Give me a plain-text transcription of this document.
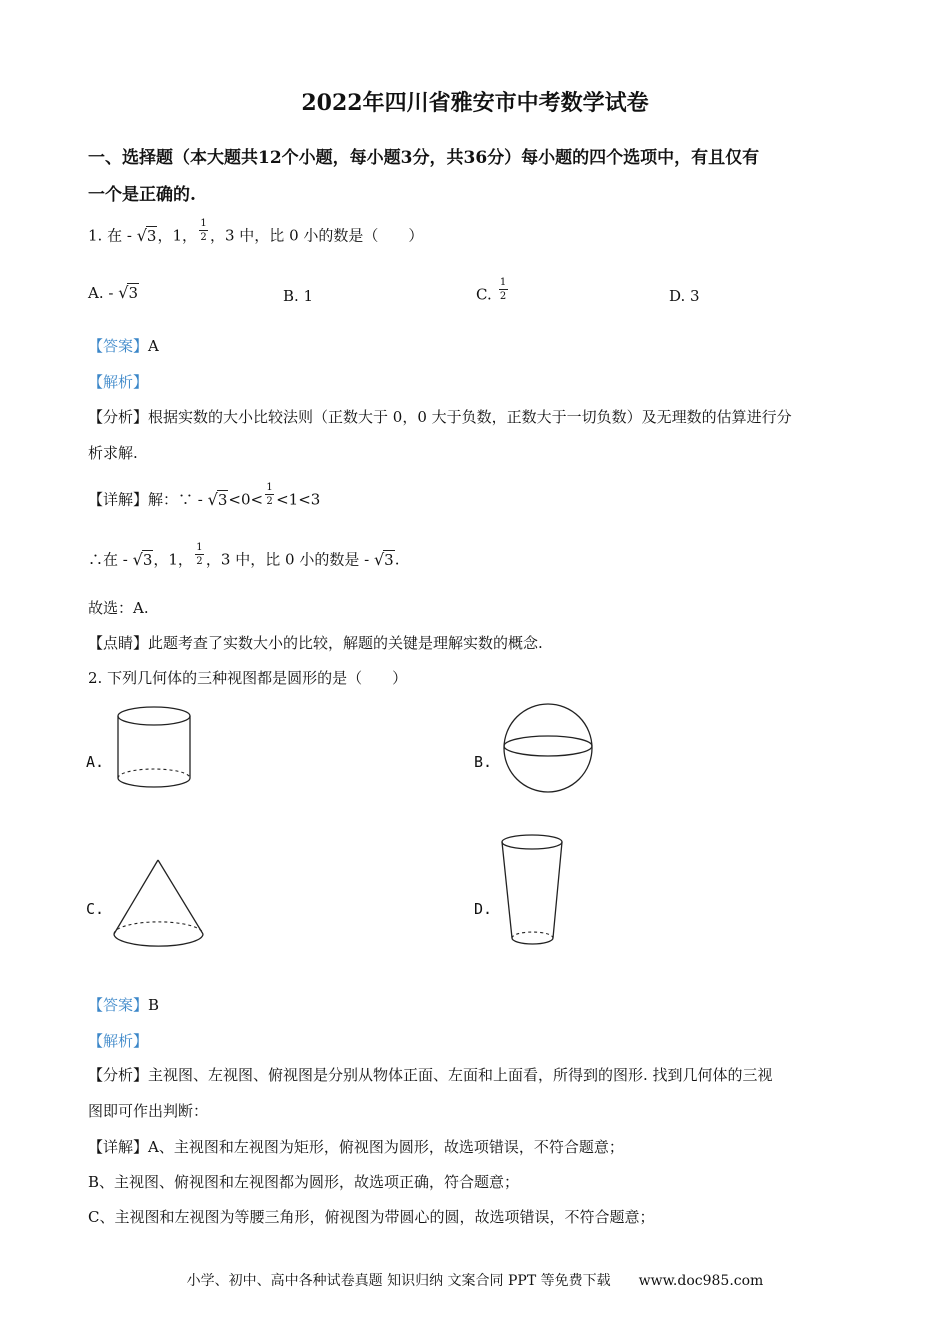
2022年四川省雅安市中考数学试卷
一、选择题（本大题共12个小题，每小题3分，共36分）每小题的四个选项中，有且仅有
一个是正确的.
1. 在 - √3，1， $\frac{1}{2}$ ，3 中，比 0 小的数是（　　）
A. - √3	B. 1	C. $\frac{1}{2}$	D. 3
【答案】A
【解析】
【分析】根据实数的大小比较法则（正数大于 0，0 大于负数，正数大于一切负数）及无理数的估算进行分
析求解.
【详解】解：∵ - $√3<0< \frac{1}{2} <1<3$
∴在 - √3，1， $\frac{1}{2}$ ，3 中，比 0 小的数是 - √3.
故选：A.
【点睛】此题考查了实数大小的比较，解题的关键是理解实数的概念.
2. 下列几何体的三种视图都是圆形的是（　　）
A.	B.
C.	D.
【答案】B
【解析】
【分析】主视图、左视图、俯视图是分别从物体正面、左面和上面看，所得到的图形. 找到几何体的三视
图即可作出判断：
【详解】A、主视图和左视图为矩形，俯视图为圆形，故选项错误，不符合题意；
B、主视图、俯视图和左视图都为圆形，故选项正确，符合题意；
C、主视图和左视图为等腰三角形，俯视图为带圆心的圆，故选项错误，不符合题意；
小学、初中、高中各种试卷真题 知识归纳 文案合同 PPT 等免费下载　　www.doc985.com
